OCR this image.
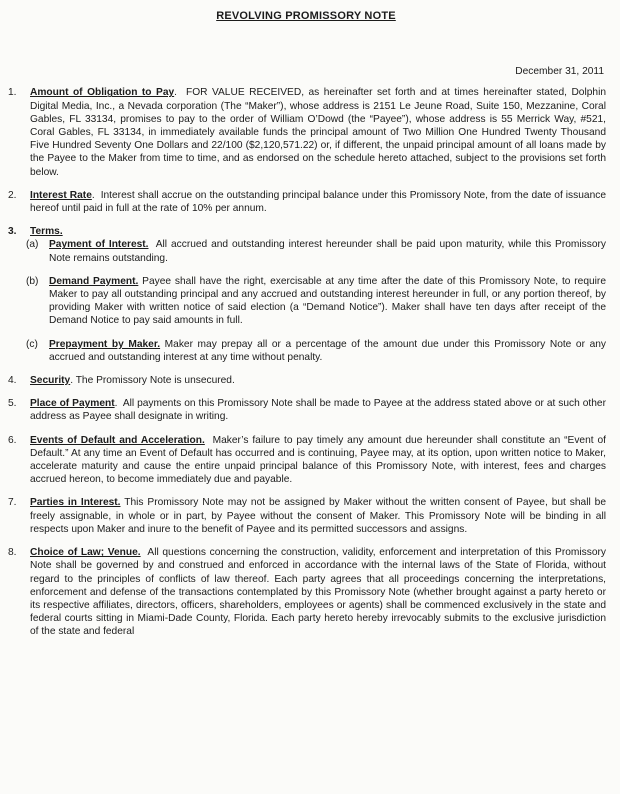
REVOLVING PROMISSORY NOTE
December 31, 2011
1.	Amount of Obligation to Pay. FOR VALUE RECEIVED, as hereinafter set forth and at times hereinafter stated, Dolphin Digital Media, Inc., a Nevada corporation (The “Maker”), whose address is 2151 Le Jeune Road, Suite 150, Mezzanine, Coral Gables, FL 33134, promises to pay to the order of William O’Dowd (the “Payee”), whose address is 55 Merrick Way, #521, Coral Gables, FL 33134, in immediately available funds the principal amount of Two Million One Hundred Twenty Thousand Five Hundred Seventy One Dollars and 22/100 ($2,120,571.22) or, if different, the unpaid principal amount of all loans made by the Payee to the Maker from time to time, and as endorsed on the schedule hereto attached, subject to the provisions set forth below.
2.	Interest Rate. Interest shall accrue on the outstanding principal balance under this Promissory Note, from the date of issuance hereof until paid in full at the rate of 10% per annum.
3.	Terms.
(a)	Payment of Interest. All accrued and outstanding interest hereunder shall be paid upon maturity, while this Promissory Note remains outstanding.
(b)	Demand Payment. Payee shall have the right, exercisable at any time after the date of this Promissory Note, to require Maker to pay all outstanding principal and any accrued and outstanding interest hereunder in full, or any portion thereof, by providing Maker with written notice of said election (a “Demand Notice”). Maker shall have ten days after receipt of the Demand Notice to pay said amounts in full.
(c)	Prepayment by Maker. Maker may prepay all or a percentage of the amount due under this Promissory Note or any accrued and outstanding interest at any time without penalty.
4.	Security. The Promissory Note is unsecured.
5.	Place of Payment. All payments on this Promissory Note shall be made to Payee at the address stated above or at such other address as Payee shall designate in writing.
6.	Events of Default and Acceleration. Maker’s failure to pay timely any amount due hereunder shall constitute an “Event of Default.” At any time an Event of Default has occurred and is continuing, Payee may, at its option, upon written notice to Maker, accelerate maturity and cause the entire unpaid principal balance of this Promissory Note, with interest, fees and charges accrued hereon, to become immediately due and payable.
7.	Parties in Interest. This Promissory Note may not be assigned by Maker without the written consent of Payee, but shall be freely assignable, in whole or in part, by Payee without the consent of Maker. This Promissory Note will be binding in all respects upon Maker and inure to the benefit of Payee and its permitted successors and assigns.
8.	Choice of Law; Venue. All questions concerning the construction, validity, enforcement and interpretation of this Promissory Note shall be governed by and construed and enforced in accordance with the internal laws of the State of Florida, without regard to the principles of conflicts of law thereof. Each party agrees that all proceedings concerning the interpretations, enforcement and defense of the transactions contemplated by this Promissory Note (whether brought against a party hereto or its respective affiliates, directors, officers, shareholders, employees or agents) shall be commenced exclusively in the state and federal courts sitting in Miami-Dade County, Florida. Each party hereto hereby irrevocably submits to the exclusive jurisdiction of the state and federal
